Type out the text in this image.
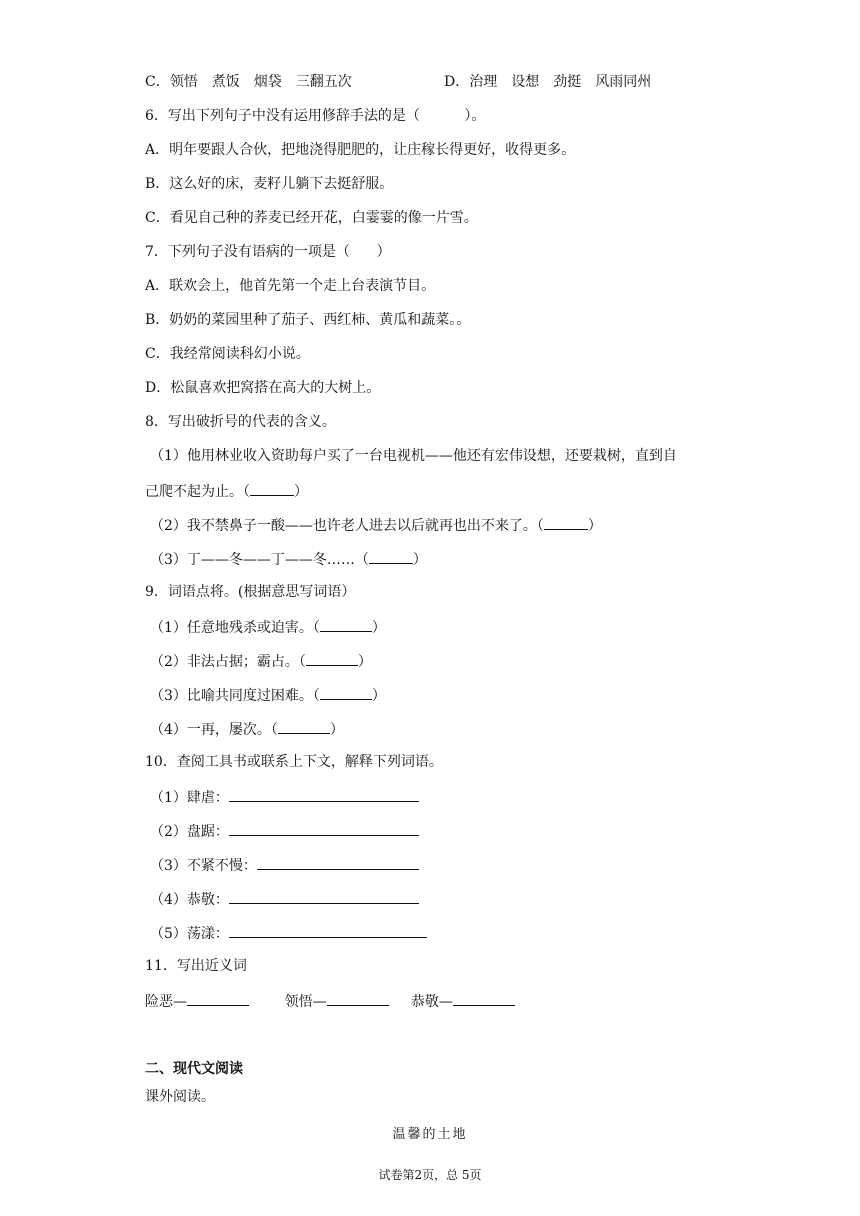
C．领悟　煮饭　烟袋　三翻五次	D．治理　设想　劲挺　风雨同州
6．写出下列句子中没有运用修辞手法的是（	）。
A．明年要跟人合伙，把地浇得肥肥的，让庄稼长得更好，收得更多。
B．这么好的床，麦籽儿躺下去挺舒服。
C．看见自己种的荞麦已经开花，白霎霎的像一片雪。
7．下列句子没有语病的一项是（ ）
A．联欢会上，他首先第一个走上台表演节目。
B．奶奶的菜园里种了茄子、西红柿、黄瓜和蔬菜。。
C．我经常阅读科幻小说。
D．松鼠喜欢把窝搭在高大的大树上。
8．写出破折号的代表的含义。
（1）他用林业收入资助每户买了一台电视机——他还有宏伟设想，还要栽树，直到自
己爬不起为止。（	）
（2）我不禁鼻子一酸——也许老人进去以后就再也出不来了。（	）
（3）丁——冬——丁——冬……（	）
9．词语点将。(根据意思写词语）
（1）任意地残杀或迫害。（	）
（2）非法占据；霸占。（	）
（3）比喻共同度过困难。（	）
（4）一再，屡次。（	）
10．查阅工具书或联系上下文，解释下列词语。
（1）肆虐：
（2）盘踞：
（3）不紧不慢：
（4）恭敬：
（5）荡漾：
11．写出近义词
险恶—	领悟—	恭敬—
二、现代文阅读
课外阅读。
温馨的土地
试卷第2页，总 5页
